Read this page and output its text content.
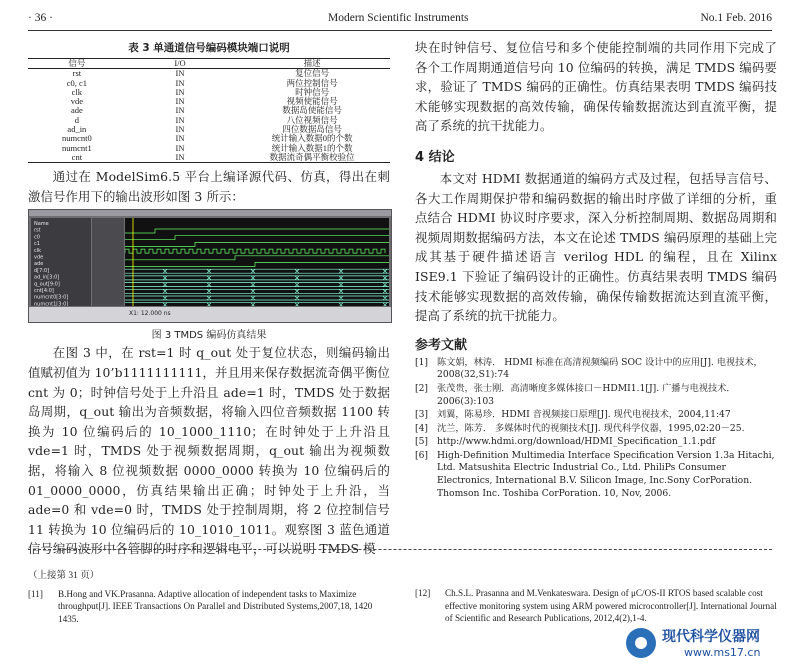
· 36 ·	Modern Scientific Instruments	No.1 Feb. 2016
表 3 单通道信号编码模块端口说明
信号	I/O	描述
rst	IN	复位信号
c0, c1	IN	两位控制信号
clk	IN	时钟信号
vde	IN	视频使能信号
ade	IN	数据岛使能信号
d	IN	八位视频信号
ad_in	IN	四位数据岛信号
numcnt0	IN	统计输入数据0的个数
numcnt1	IN	统计输入数据1的个数
cnt	IN	数据流奇偶平衡校验位

通过在 ModelSim6.5 平台上编译源代码、仿真，得出在刺激信号作用下的输出波形如图 3 所示：

Name
rst
c0
c1
clk
vde
ade
d[7:0]
ad_in[3:0]
q_out[9:0]
cnt[4:0]
numcnt0[3:0]
numcnt1[3:0]
X1: 12.000 ns
图 3 TMDS 编码仿真结果

在图 3 中，在 rst=1 时 q_out 处于复位状态，则编码输出值赋初值为 10’b1111111111，并且用来保存数据流奇偶平衡位 cnt 为 0；时钟信号处于上升沿且 ade=1 时，TMDS 处于数据岛周期，q_out 输出为音频数据，将输入四位音频数据 1100 转换为 10 位编码后的 10_1000_1110；在时钟处于上升沿且 vde=1 时，TMDS 处于视频数据周期，q_out 输出为视频数据，将输入 8 位视频数据 0000_0000 转换为 10 位编码后的 01_0000_0000，仿真结果输出正确；时钟处于上升沿，当 ade=0 和 vde=0 时，TMDS 处于控制周期，将 2 位控制信号 11 转换为 10 位编码后的 10_1010_1011。观察图 3 蓝色通道信号编码波形中各管脚的时序和逻辑电平，可以说明 TMDS 模

块在时钟信号、复位信号和多个使能控制端的共同作用下完成了各个工作周期通道信号向 10 位编码的转换，满足 TMDS 编码要求，验证了 TMDS 编码的正确性。仿真结果表明 TMDS 编码技术能够实现数据的高效传输，确保传输数据流达到直流平衡，提高了系统的抗干扰能力。

4 结论

本文对 HDMI 数据通道的编码方式及过程，包括导言信号、各大工作周期保护带和编码数据的输出时序做了详细的分析，重点结合 HDMI 协议时序要求，深入分析控制周期、数据岛周期和视频周期数据编码方法，本文在论述 TMDS 编码原理的基础上完成其基于硬件描述语言 verilog HDL 的编程，且在 Xilinx ISE9.1 下验证了编码设计的正确性。仿真结果表明 TMDS 编码技术能够实现数据的高效传输，确保传输数据流达到直流平衡，提高了系统的抗干扰能力。

参考文献
[1] 陈文娟，林涛． HDMI 标准在高清视频编码 SOC 设计中的应用[J]. 电视技术，2008(32,S1):74
[2] 张茂贵，张士刚．高清晰度多媒体接口－HDMI1.1[J]. 广播与电视技术．2006(3):103
[3] 刘翼，陈易珍．HDMI 音视频接口原理[J]. 现代电视技术，2004,11:47
[4] 沈兰，陈芳． 多媒体时代的视频技术[J]. 现代科学仪器，1995,02:20－25.
[5] http://www.hdmi.org/download/HDMI_Specification_1.1.pdf
[6] High-Definition Multimedia Interface Specification Version 1.3a Hitachi, Ltd. Matsushita Electric Industrial Co., Ltd. PhiliPs Consumer Electronics, International B.V. Silicon Image, Inc.Sony CorPoration. Thomson Inc. Toshiba CorPoration. 10, Nov, 2006.
（上接第 31 页）
[11] B.Hong and VK.Prasanna. Adaptive allocation of independent tasks to Maximize throughput[J]. IEEE Transactions On Parallel and Distributed Systems,2007,18, 1420 1435.
[12] Ch.S.L. Prasanna and M.Venkateswara. Design of μC/OS-II RTOS based scalable cost effective monitoring system using ARM powered microcontroller[J]. International Journal of Scientific and Research Publications, 2012,4(2),1-4.
现代科学仪器网
www.ms17.cn
